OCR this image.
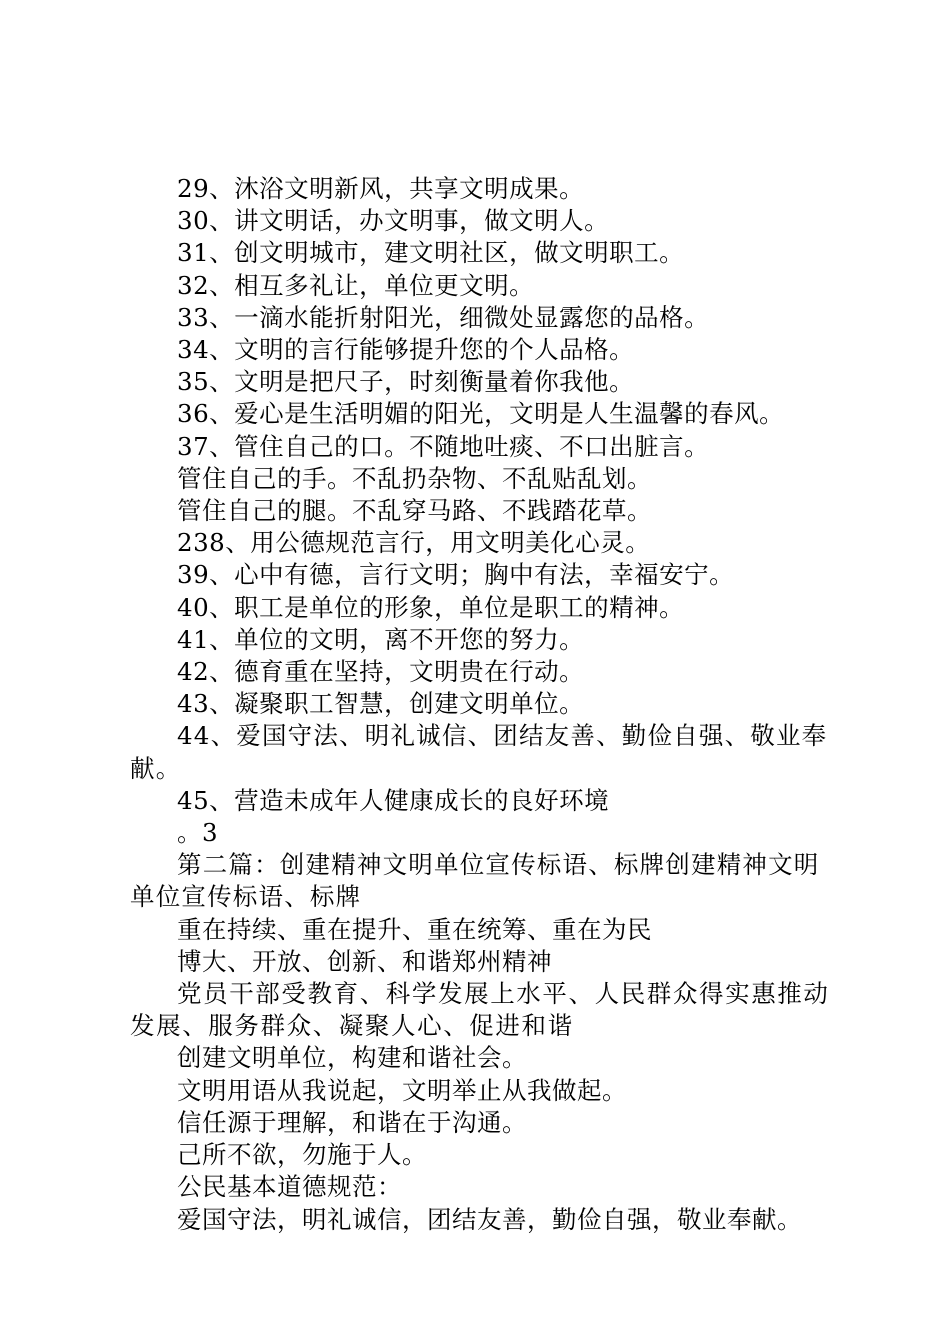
29、沐浴文明新风，共享文明成果。
30、讲文明话，办文明事，做文明人。
31、创文明城市，建文明社区，做文明职工。
32、相互多礼让，单位更文明。
33、一滴水能折射阳光，细微处显露您的品格。
34、文明的言行能够提升您的个人品格。
35、文明是把尺子，时刻衡量着你我他。
36、爱心是生活明媚的阳光，文明是人生温馨的春风。
37、管住自己的口。不随地吐痰、不口出脏言。
管住自己的手。不乱扔杂物、不乱贴乱划。
管住自己的腿。不乱穿马路、不践踏花草。
238、用公德规范言行，用文明美化心灵。
39、心中有德，言行文明；胸中有法，幸福安宁。
40、职工是单位的形象，单位是职工的精神。
41、单位的文明，离不开您的努力。
42、德育重在坚持，文明贵在行动。
43、凝聚职工智慧，创建文明单位。
44、爱国守法、明礼诚信、团结友善、勤俭自强、敬业奉献。
45、营造未成年人健康成长的良好环境
。3
第二篇：创建精神文明单位宣传标语、标牌创建精神文明单位宣传标语、标牌
重在持续、重在提升、重在统筹、重在为民
博大、开放、创新、和谐郑州精神
党员干部受教育、科学发展上水平、人民群众得实惠推动发展、服务群众、凝聚人心、促进和谐
创建文明单位，构建和谐社会。
文明用语从我说起，文明举止从我做起。
信任源于理解，和谐在于沟通。
己所不欲，勿施于人。
公民基本道德规范：
爱国守法，明礼诚信，团结友善，勤俭自强，敬业奉献。
